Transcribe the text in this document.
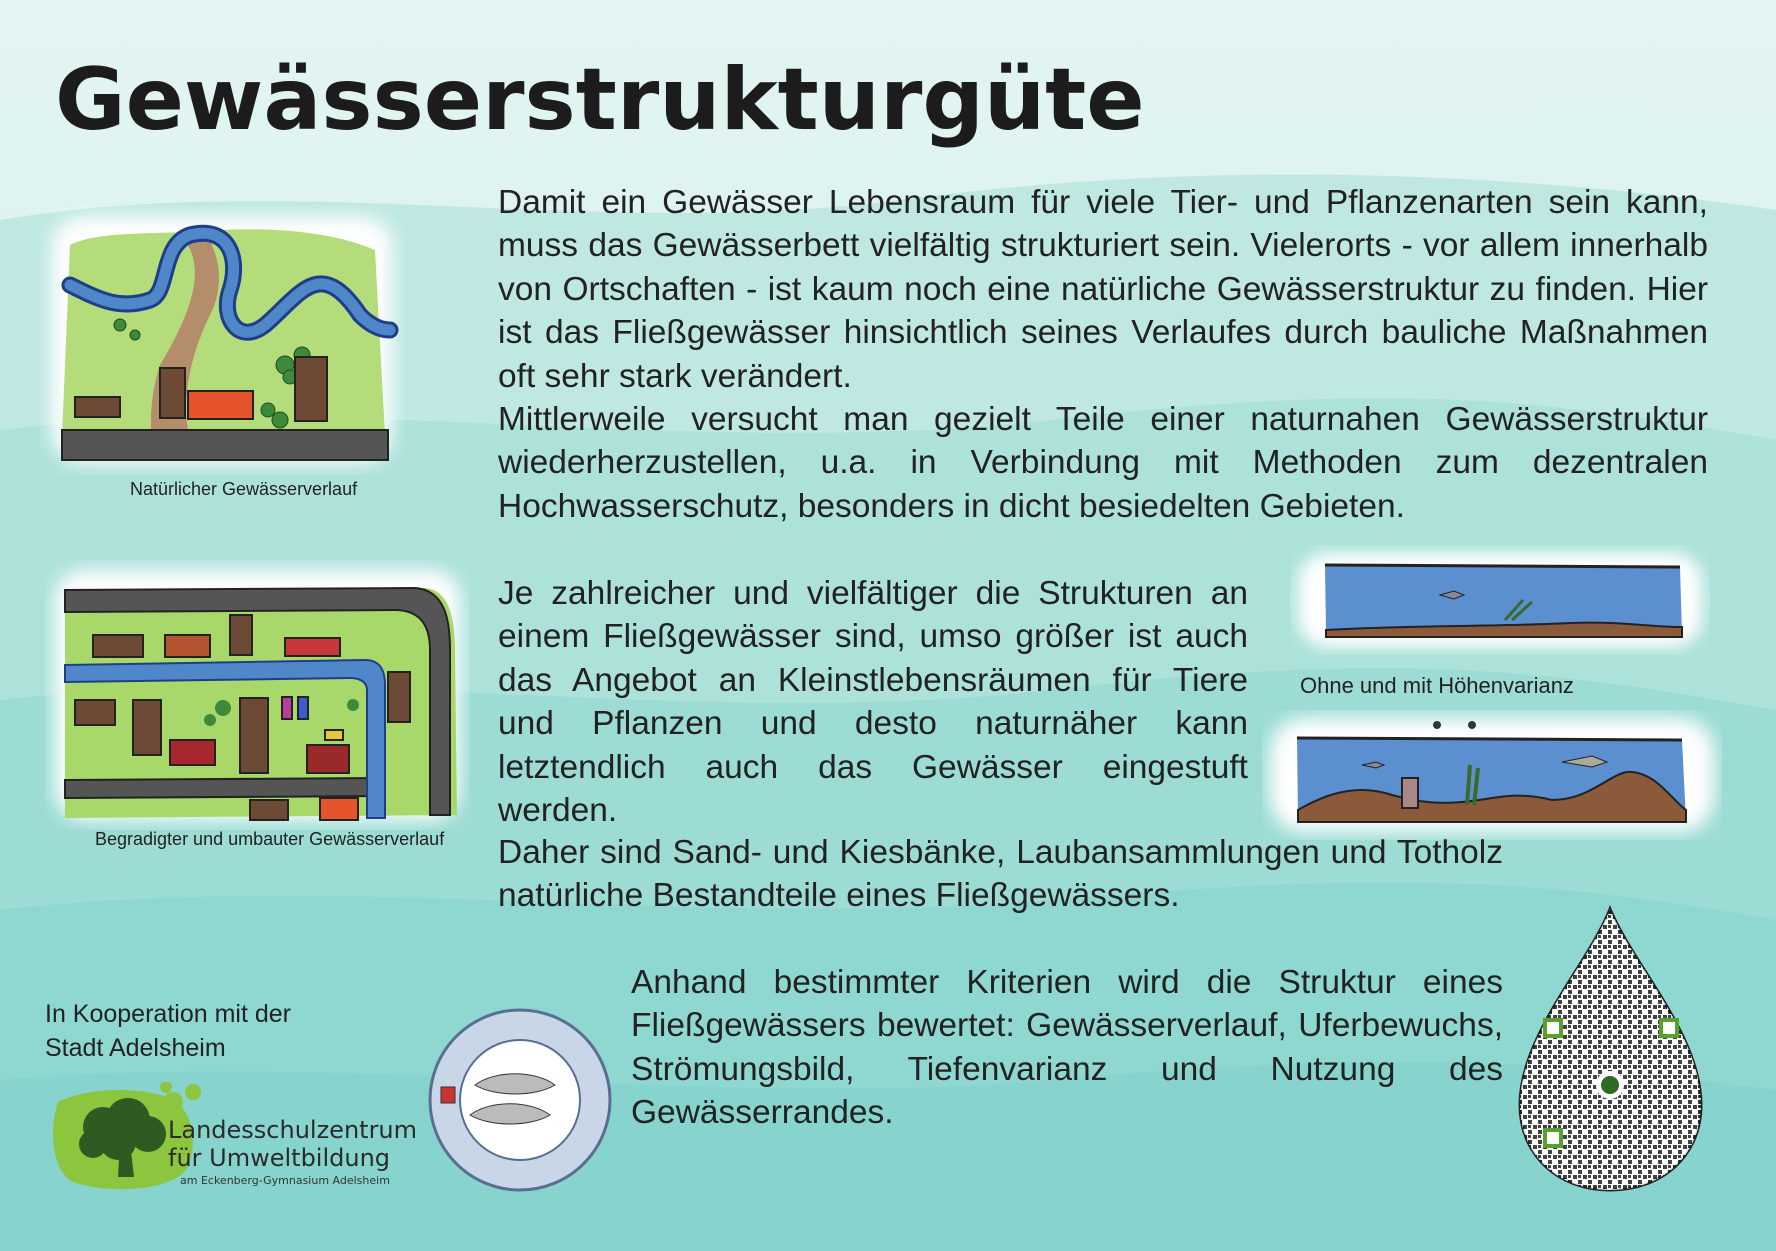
Gewässerstrukturgüte
Natürlicher Gewässerverlauf
Begradigter und umbauter Gewässerverlauf

Damit ein Gewässer Lebensraum für viele Tier- und Pflanzenarten sein kann, muss das Gewässerbett vielfältig strukturiert sein. Vielerorts - vor allem innerhalb von Ortschaften - ist kaum noch eine natürliche Gewässerstruktur zu finden. Hier ist das Fließgewässer hinsichtlich seines Verlaufes durch bauliche Maßnahmen oft sehr stark verändert.

Mittlerweile versucht man gezielt Teile einer naturnahen Gewässerstruktur wiederherzustellen, u.a. in Verbindung mit Methoden zum dezentralen Hochwasserschutz, besonders in dicht besiedelten Gebieten.

Je zahlreicher und vielfältiger die Strukturen an einem Fließgewässer sind, umso größer ist auch das Angebot an Kleinstlebensräumen für Tiere und Pflanzen und desto naturnäher kann letztendlich auch das Gewässer eingestuft werden.
Daher sind Sand- und Kiesbänke, Laubansammlungen und Totholz natürliche Bestandteile eines Fließgewässers.
Anhand bestimmter Kriterien wird die Struktur eines Fließgewässers bewertet: Gewässerverlauf, Uferbewuchs, Strömungsbild, Tiefenvarianz und Nutzung des Gewässerrandes.
Ohne und mit Höhenvarianz
In Kooperation mit der
Stadt Adelsheim
Landesschulzentrum
für Umweltbildung
am Eckenberg-Gymnasium Adelsheim
